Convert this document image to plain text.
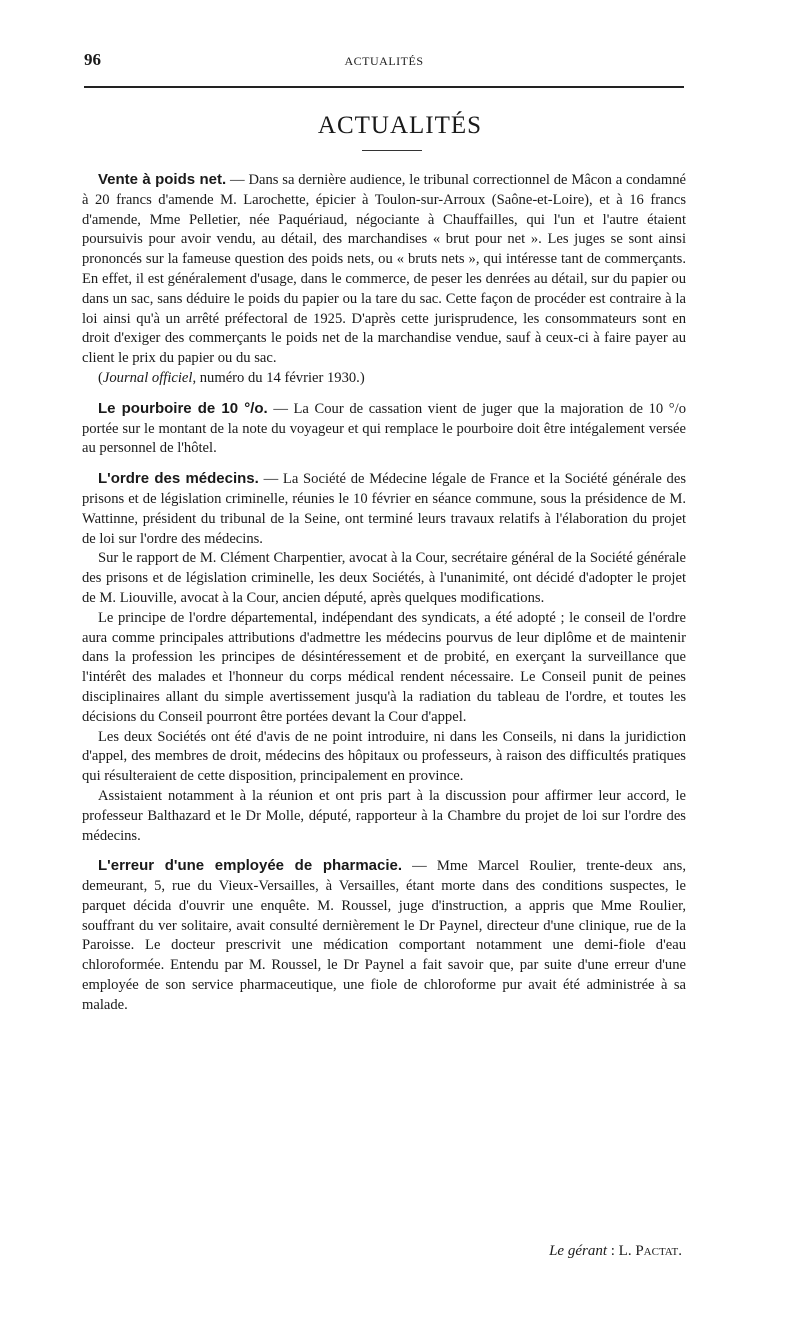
96	ACTUALITÉS
ACTUALITÉS

Vente à poids net. — Dans sa dernière audience, le tribunal correctionnel de Mâcon a condamné à 20 francs d'amende M. Larochette, épicier à Toulon-sur-Arroux (Saône-et-Loire), et à 16 francs d'amende, Mme Pelletier, née Paquériaud, négociante à Chauffailles, qui l'un et l'autre étaient poursuivis pour avoir vendu, au détail, des marchandises « brut pour net ». Les juges se sont ainsi prononcés sur la fameuse question des poids nets, ou « bruts nets », qui intéresse tant de commerçants. En effet, il est généralement d'usage, dans le commerce, de peser les denrées au détail, sur du papier ou dans un sac, sans déduire le poids du papier ou la tare du sac. Cette façon de procéder est contraire à la loi ainsi qu'à un arrêté préfectoral de 1925. D'après cette jurisprudence, les consommateurs sont en droit d'exiger des commerçants le poids net de la marchandise vendue, sauf à ceux-ci à faire payer au client le prix du papier ou du sac.

(Journal officiel, numéro du 14 février 1930.)

Le pourboire de 10 °/o. — La Cour de cassation vient de juger que la majoration de 10 °/o portée sur le montant de la note du voyageur et qui remplace le pourboire doit être intégalement versée au personnel de l'hôtel.

L'ordre des médecins. — La Société de Médecine légale de France et la Société générale des prisons et de législation criminelle, réunies le 10 février en séance commune, sous la présidence de M. Wattinne, président du tribunal de la Seine, ont terminé leurs travaux relatifs à l'élaboration du projet de loi sur l'ordre des médecins.

Sur le rapport de M. Clément Charpentier, avocat à la Cour, secrétaire général de la Société générale des prisons et de législation criminelle, les deux Sociétés, à l'unanimité, ont décidé d'adopter le projet de M. Liouville, avocat à la Cour, ancien député, après quelques modifications.

Le principe de l'ordre départemental, indépendant des syndicats, a été adopté ; le conseil de l'ordre aura comme principales attributions d'admettre les médecins pourvus de leur diplôme et de maintenir dans la profession les principes de désintéressement et de probité, en exerçant la surveillance que l'intérêt des malades et l'honneur du corps médical rendent nécessaire. Le Conseil punit de peines disciplinaires allant du simple avertissement jusqu'à la radiation du tableau de l'ordre, et toutes les décisions du Conseil pourront être portées devant la Cour d'appel.

Les deux Sociétés ont été d'avis de ne point introduire, ni dans les Conseils, ni dans la juridiction d'appel, des membres de droit, médecins des hôpitaux ou professeurs, à raison des difficultés pratiques qui résulteraient de cette disposition, principalement en province.

Assistaient notamment à la réunion et ont pris part à la discussion pour affirmer leur accord, le professeur Balthazard et le Dr Molle, député, rapporteur à la Chambre du projet de loi sur l'ordre des médecins.

L'erreur d'une employée de pharmacie. — Mme Marcel Roulier, trente-deux ans, demeurant, 5, rue du Vieux-Versailles, à Versailles, étant morte dans des conditions suspectes, le parquet décida d'ouvrir une enquête. M. Roussel, juge d'instruction, a appris que Mme Roulier, souffrant du ver solitaire, avait consulté dernièrement le Dr Paynel, directeur d'une clinique, rue de la Paroisse. Le docteur prescrivit une médication comportant notamment une demi-fiole d'eau chloroformée. Entendu par M. Roussel, le Dr Paynel a fait savoir que, par suite d'une erreur d'une employée de son service pharmaceutique, une fiole de chloroforme pur avait été administrée à sa malade.

Le gérant : L. Pactat.
